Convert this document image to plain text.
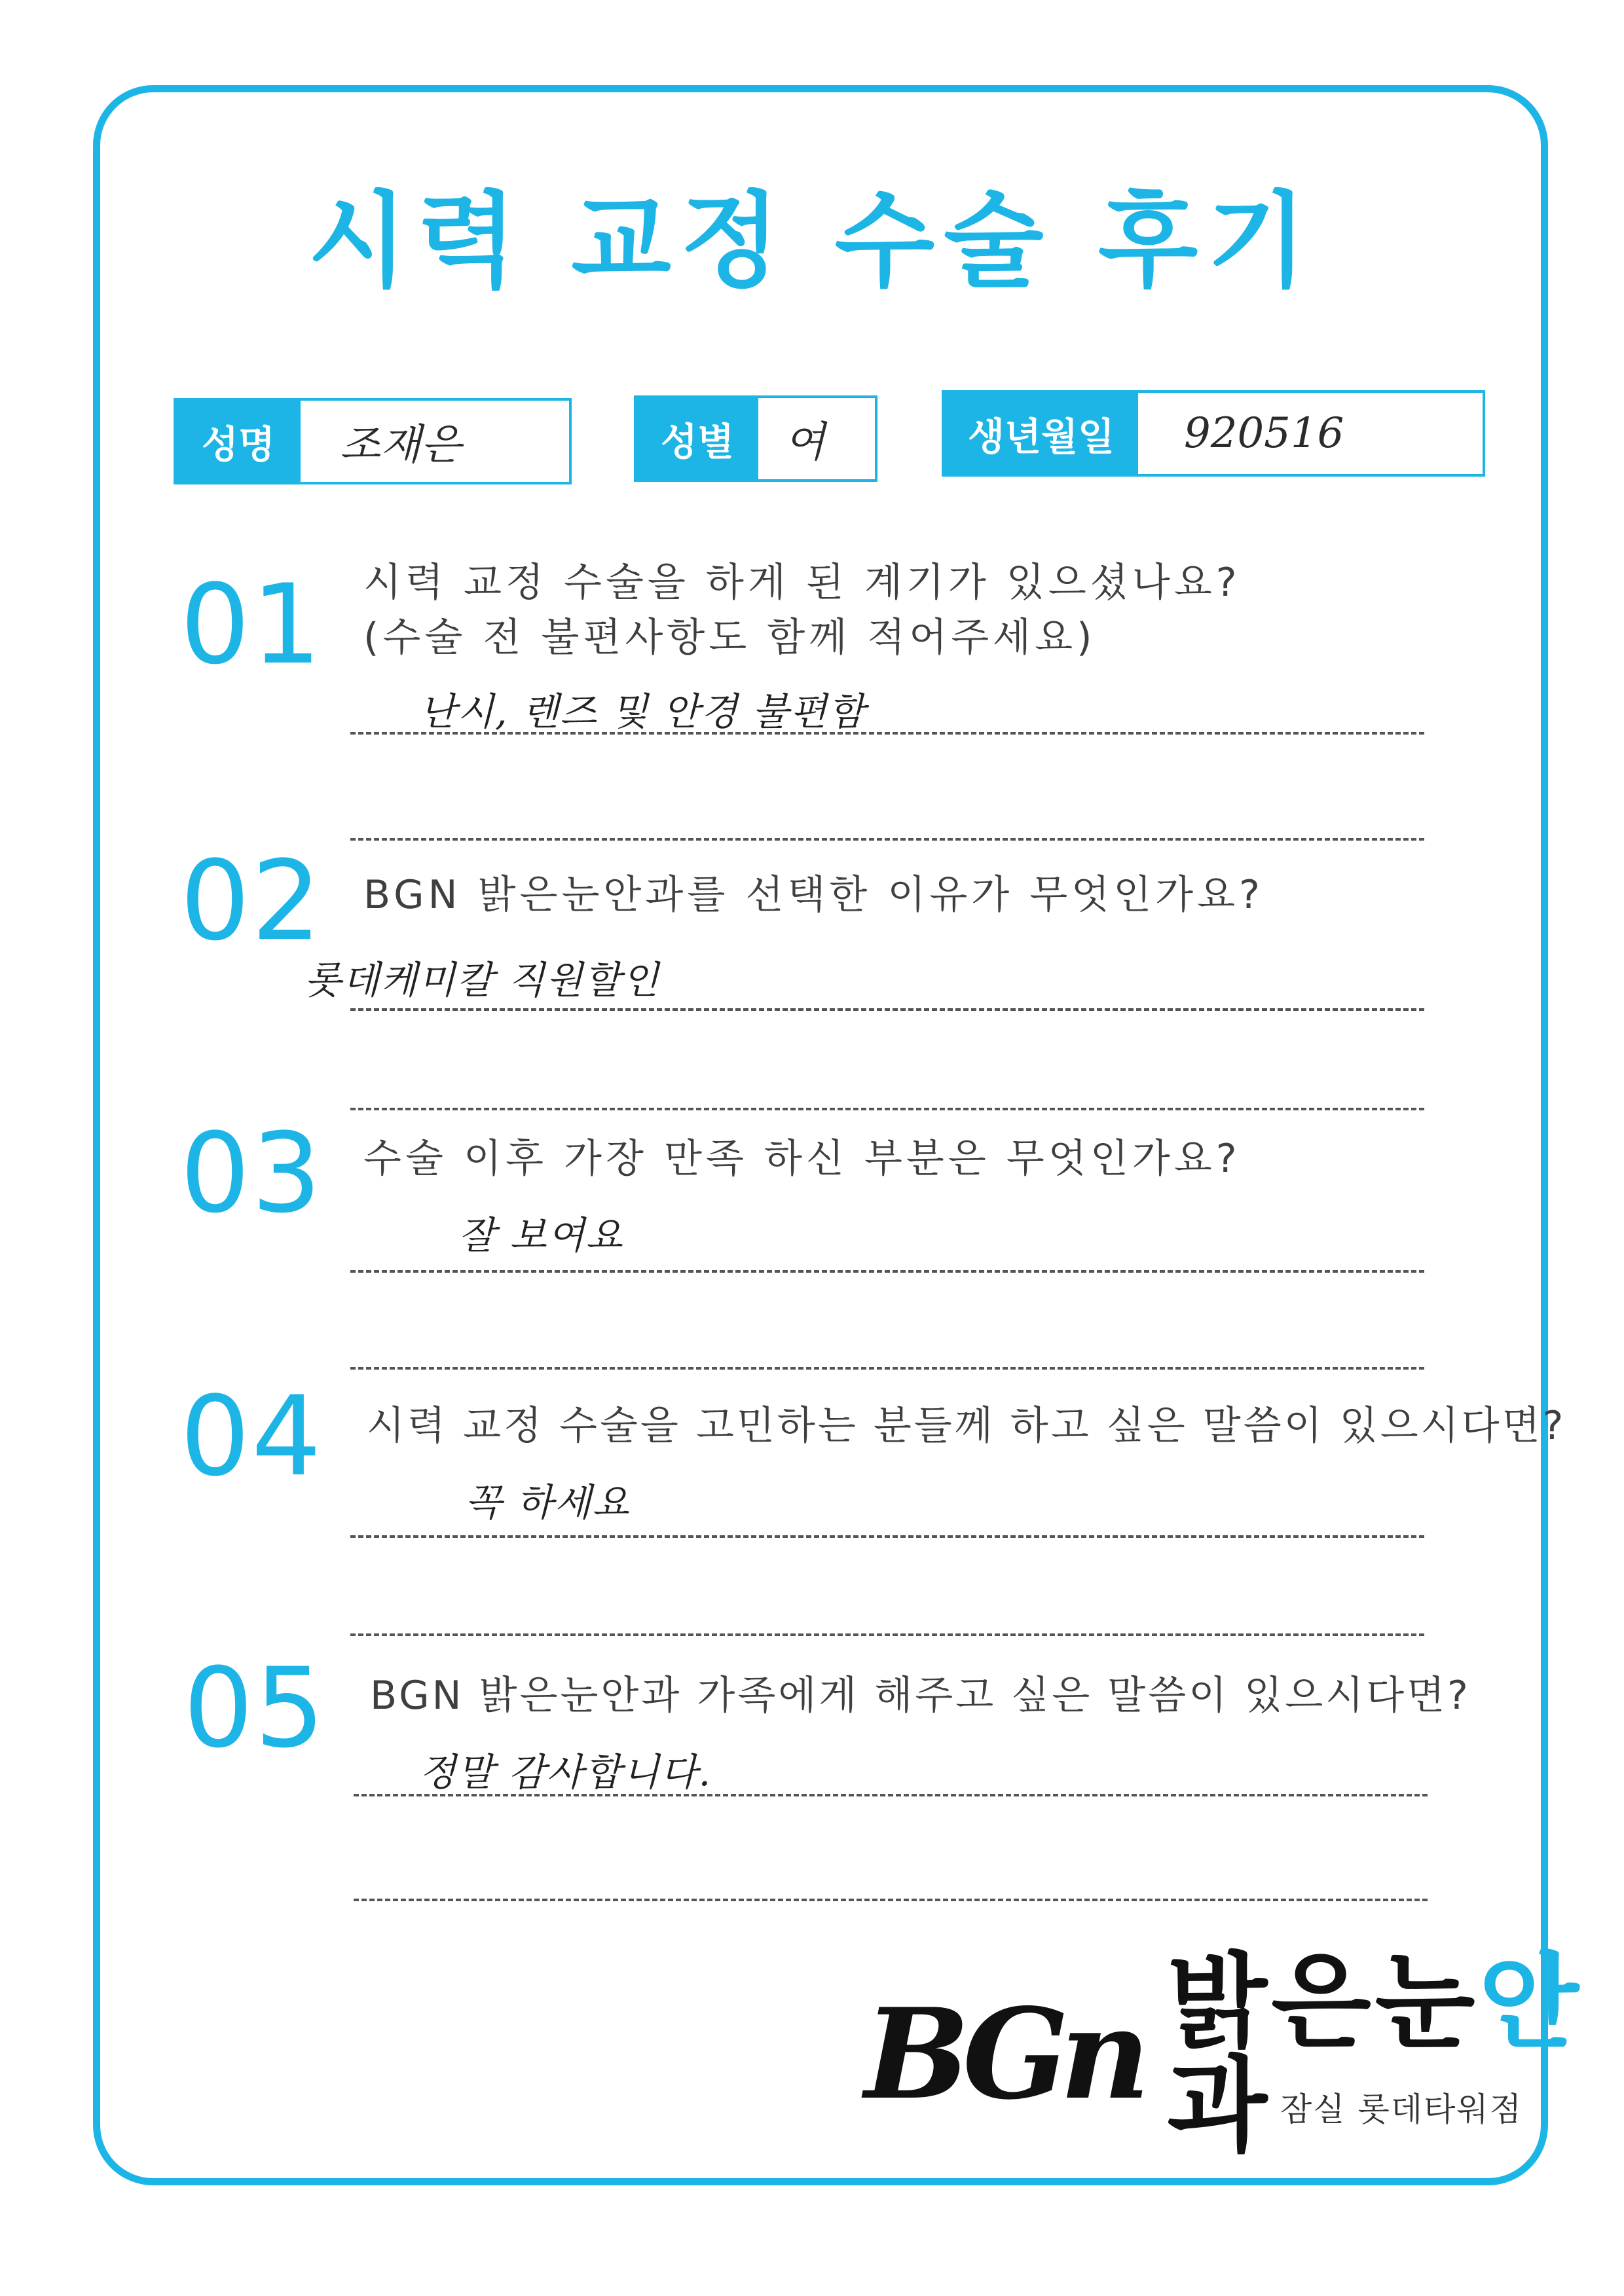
시력 교정 수술 후기
성명	조재은	성별	여	생년월일	920516
01 시력 교정 수술을 하게 된 계기가 있으셨나요?
(수술 전 불편사항도 함께 적어주세요)
난시, 렌즈 및 안경 불편함
02 BGN 밝은눈안과를 선택한 이유가 무엇인가요?
롯데케미칼 직원할인
03 수술 이후 가장 만족 하신 부분은 무엇인가요?
잘 보여요
04 시력 교정 수술을 고민하는 분들께 하고 싶은 말씀이 있으시다면?
꼭 하세요
05 BGN 밝은눈안과 가족에게 해주고 싶은 말씀이 있으시다면?
정말 감사합니다.
BGn 밝은눈안과 잠실 롯데타워점
